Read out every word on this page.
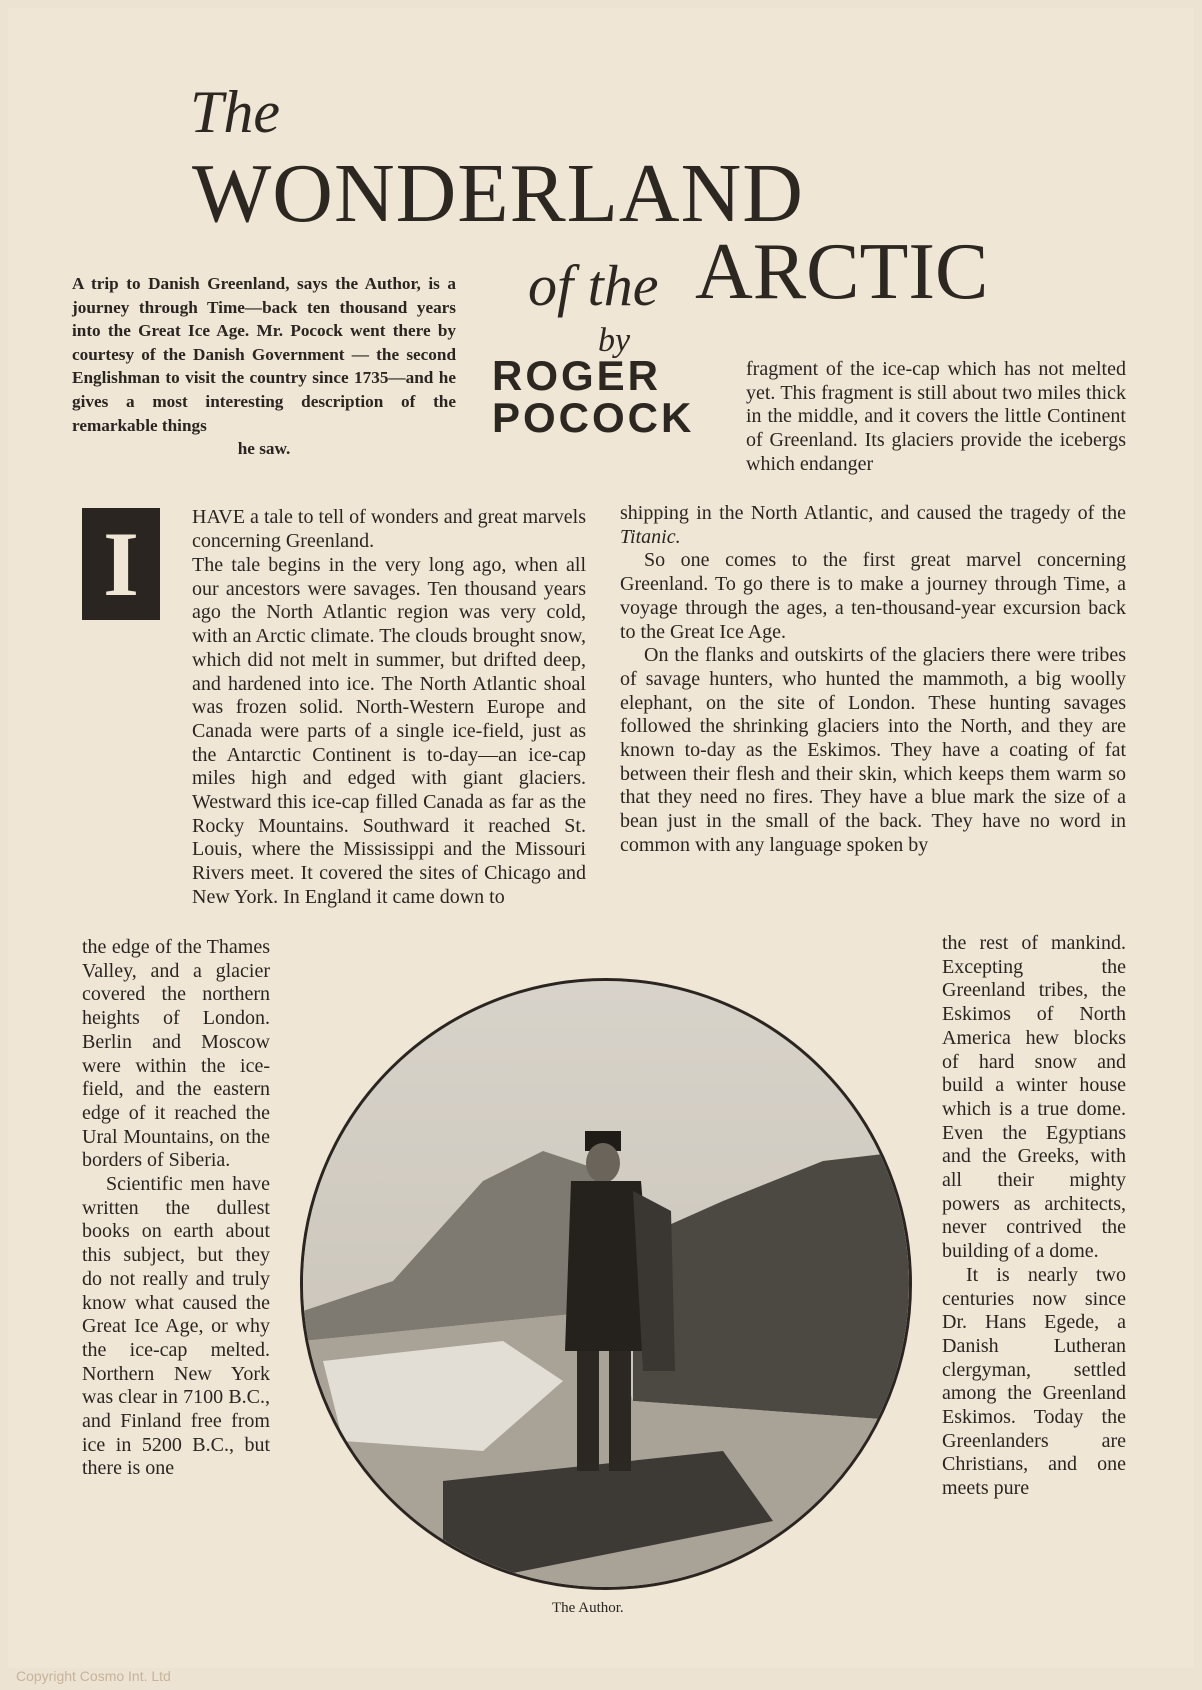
The
WONDERLAND
of the ARCTIC
by
ROGER
POCOCK
A trip to Danish Greenland, says the Author, is a journey through Time—back ten thousand years into the Great Ice Age. Mr. Pocock went there by courtesy of the Danish Government — the second Englishman to visit the country since 1735—and he gives a most interesting description of the remarkable things
he saw.
I	HAVE a tale to tell of wonders and great marvels concerning Greenland.

The tale begins in the very long ago, when all our ancestors were savages. Ten thousand years ago the North Atlantic region was very cold, with an Arctic climate. The clouds brought snow, which did not melt in summer, but drifted deep, and hardened into ice. The North Atlantic shoal was frozen solid. North-Western Europe and Canada were parts of a single ice-field, just as the Antarctic Continent is to-day—an ice-cap miles high and edged with giant glaciers. Westward this ice-cap filled Canada as far as the Rocky Mountains. Southward it reached St. Louis, where the Mississippi and the Missouri Rivers meet. It covered the sites of Chicago and New York. In England it came down to

the edge of the Thames Valley, and a glacier covered the northern heights of London. Berlin and Moscow were within the ice-field, and the eastern edge of it reached the Ural Mountains, on the borders of Siberia.

Scientific men have written the dullest books on earth about this subject, but they do not really and truly know what caused the Great Ice Age, or why the ice-cap melted. Northern New York was clear in 7100 B.C., and Finland free from ice in 5200 B.C., but there is one

fragment of the ice-cap which has not melted yet. This fragment is still about two miles thick in the middle, and it covers the little Continent of Greenland. Its glaciers provide the icebergs which endanger

shipping in the North Atlantic, and caused the tragedy of the Titanic.

So one comes to the first great marvel concerning Greenland. To go there is to make a journey through Time, a voyage through the ages, a ten-thousand-year excursion back to the Great Ice Age.

On the flanks and outskirts of the glaciers there were tribes of savage hunters, who hunted the mammoth, a big woolly elephant, on the site of London. These hunting savages followed the shrinking glaciers into the North, and they are known to-day as the Eskimos. They have a coating of fat between their flesh and their skin, which keeps them warm so that they need no fires. They have a blue mark the size of a bean just in the small of the back. They have no word in common with any language spoken by

the rest of mankind. Excepting the Greenland tribes, the Eskimos of North America hew blocks of hard snow and build a winter house which is a true dome. Even the Egyptians and the Greeks, with all their mighty powers as architects, never contrived the building of a dome.

It is nearly two centuries now since Dr. Hans Egede, a Danish Lutheran clergyman, settled among the Greenland Eskimos. Today the Greenlanders are Christians, and one meets pure

The Author.
Copyright Cosmo Int. Ltd
